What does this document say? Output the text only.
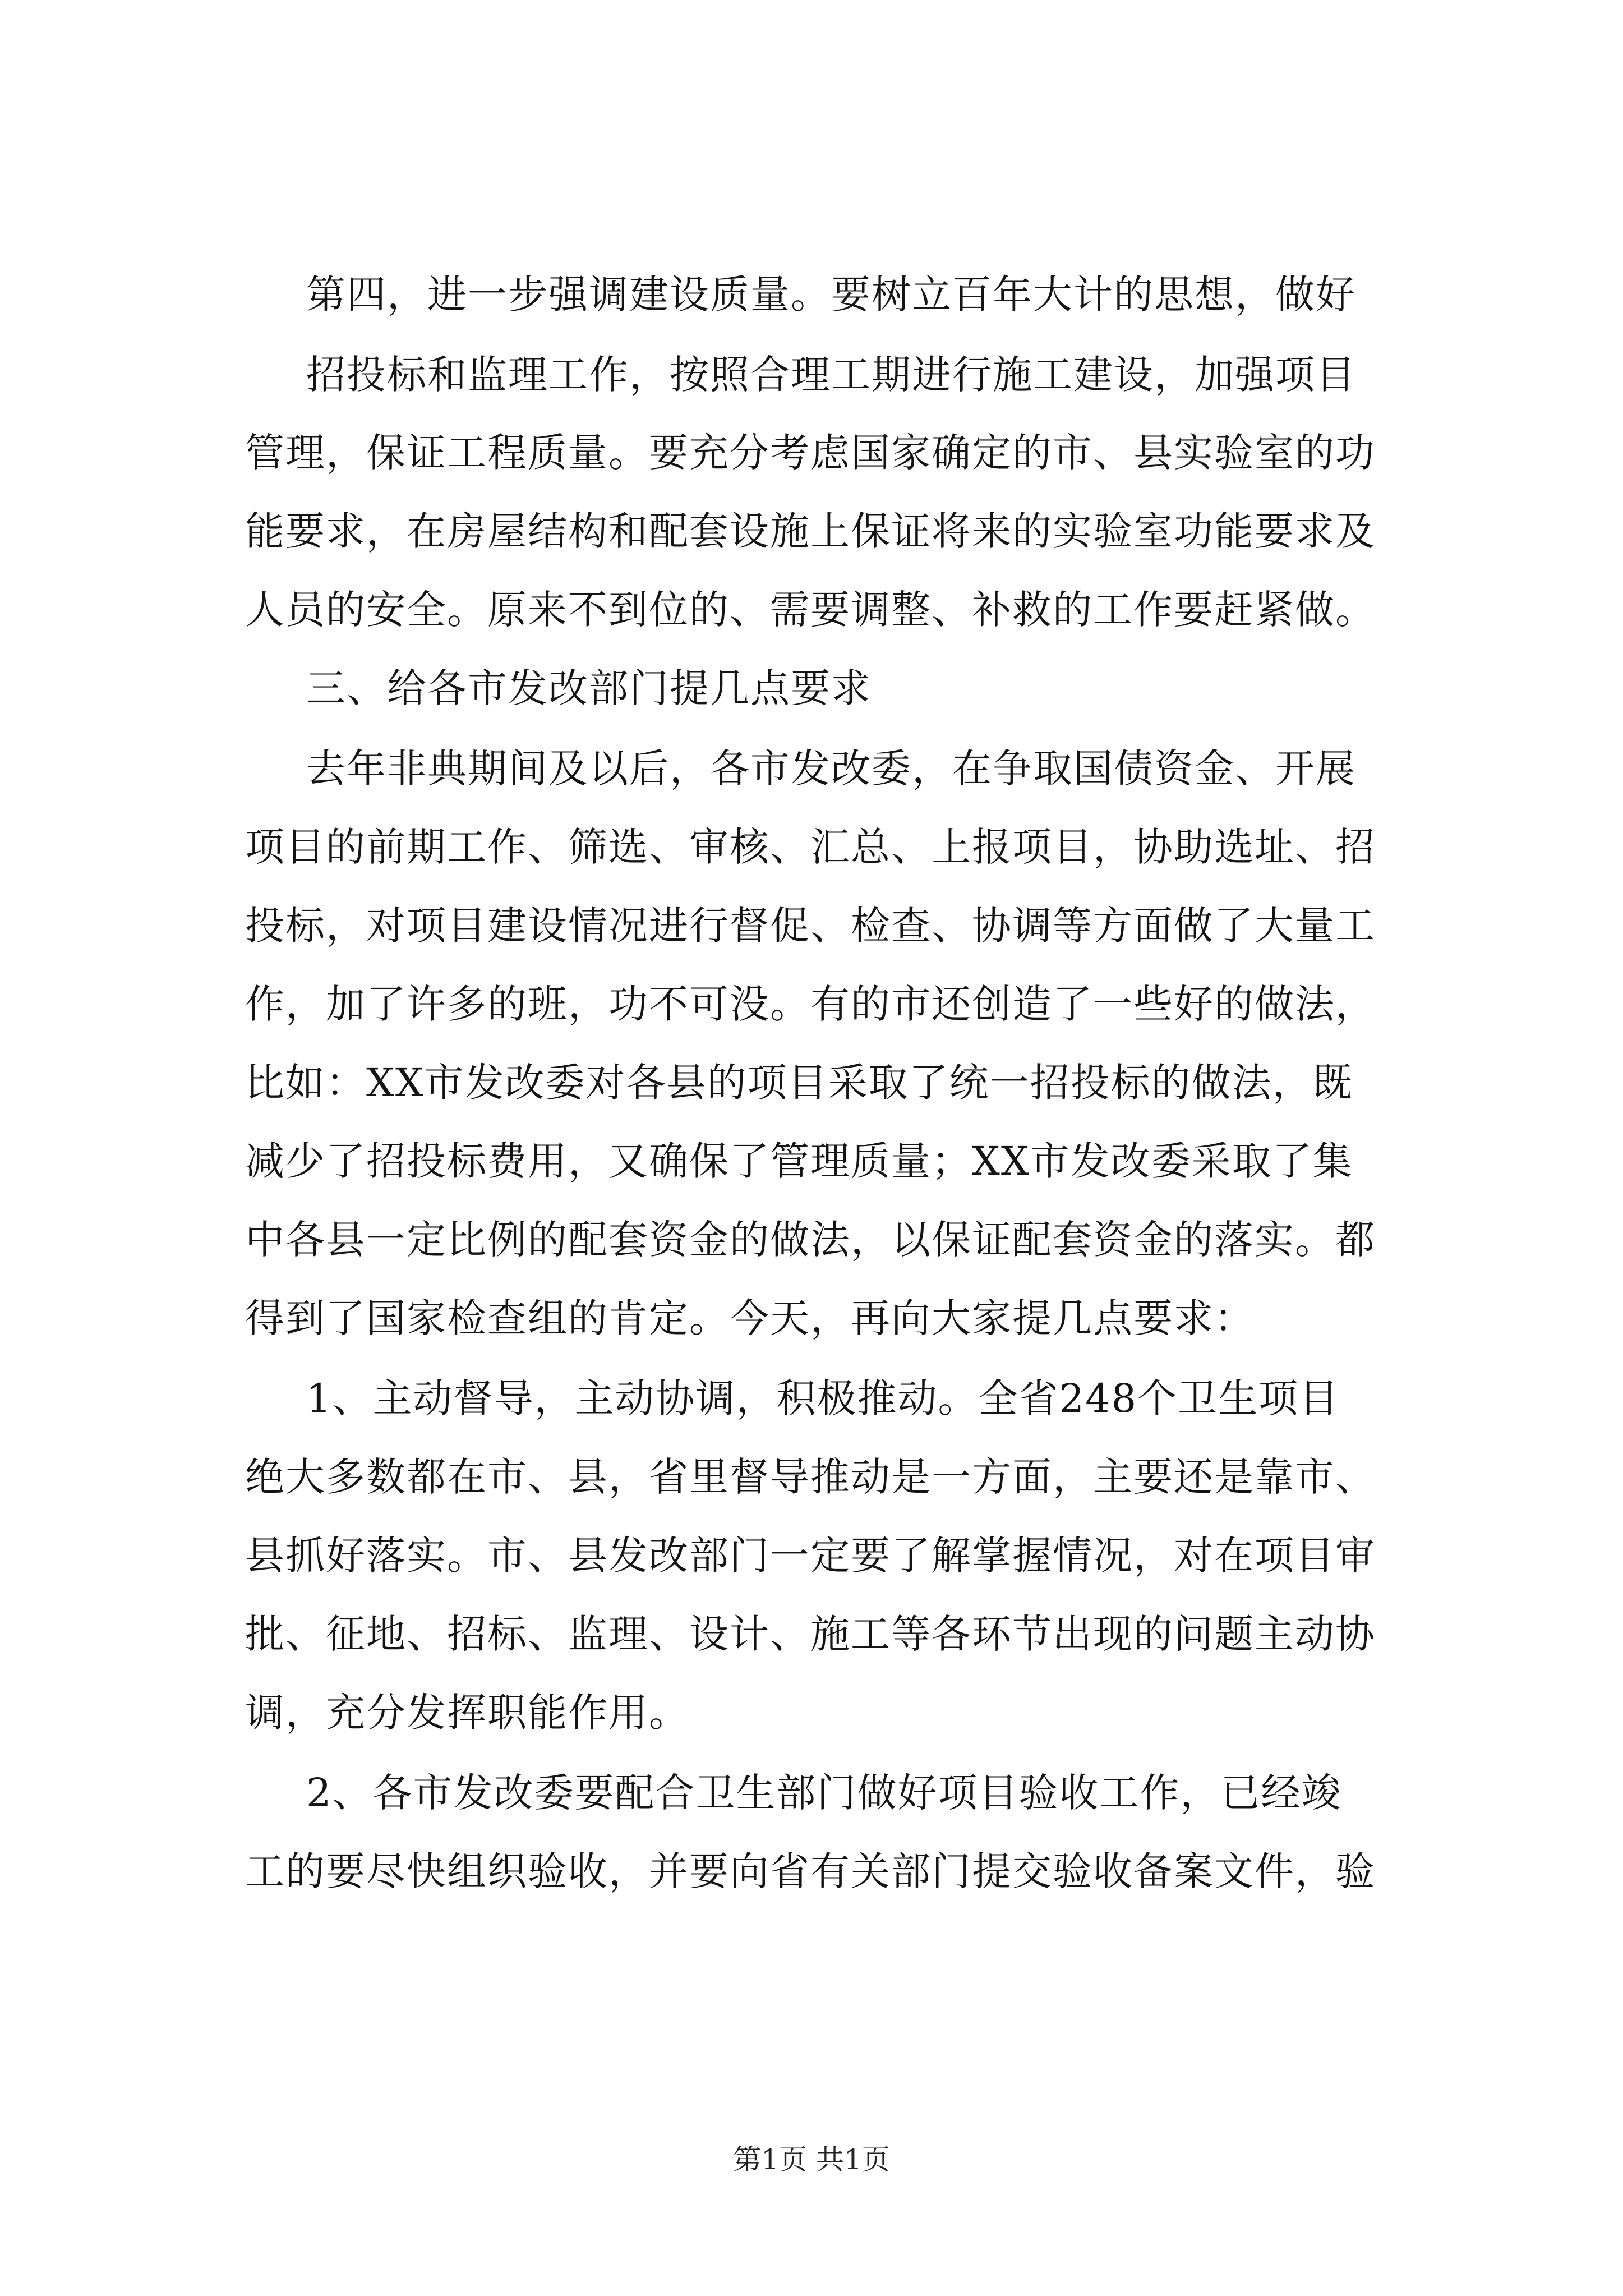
第四，进一步强调建设质量。要树立百年大计的思想，做好
招投标和监理工作，按照合理工期进行施工建设，加强项目
管理，保证工程质量。要充分考虑国家确定的市、县实验室的功
能要求，在房屋结构和配套设施上保证将来的实验室功能要求及
人员的安全。原来不到位的、需要调整、补救的工作要赶紧做。
三、给各市发改部门提几点要求
去年非典期间及以后，各市发改委，在争取国债资金、开展
项目的前期工作、筛选、审核、汇总、上报项目，协助选址、招
投标，对项目建设情况进行督促、检查、协调等方面做了大量工
作，加了许多的班，功不可没。有的市还创造了一些好的做法，
比如：XX市发改委对各县的项目采取了统一招投标的做法，既
减少了招投标费用，又确保了管理质量；XX市发改委采取了集
中各县一定比例的配套资金的做法，以保证配套资金的落实。都
得到了国家检查组的肯定。今天，再向大家提几点要求：
1、主动督导，主动协调，积极推动。全省248个卫生项目
绝大多数都在市、县，省里督导推动是一方面，主要还是靠市、
县抓好落实。市、县发改部门一定要了解掌握情况，对在项目审
批、征地、招标、监理、设计、施工等各环节出现的问题主动协
调，充分发挥职能作用。
2、各市发改委要配合卫生部门做好项目验收工作，已经竣
工的要尽快组织验收，并要向省有关部门提交验收备案文件，验
第1页 共1页
